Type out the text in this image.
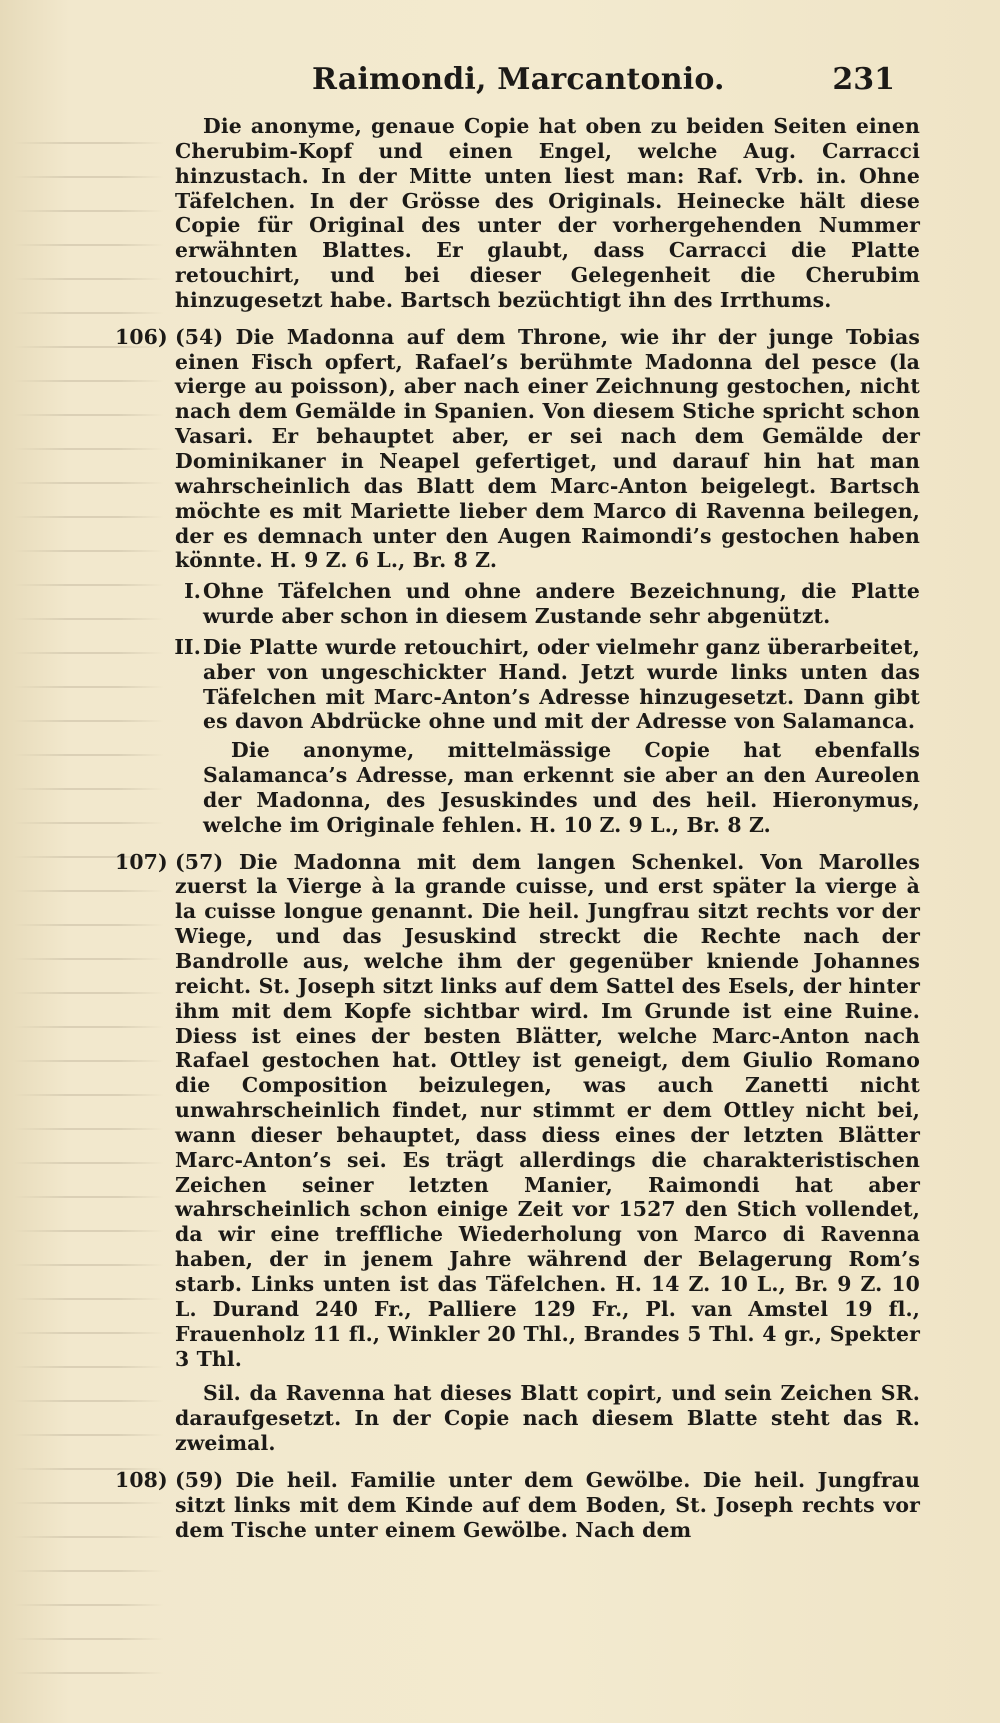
Raimondi, Marcantonio.	231

Die anonyme, genaue Copie hat oben zu beiden Seiten einen Cherubim-Kopf und einen Engel, welche Aug. Carracci hinzustach. In der Mitte unten liest man: Raf. Vrb. in. Ohne Täfelchen. In der Grösse des Originals. Heinecke hält diese Copie für Original des unter der vorhergehenden Nummer erwähnten Blattes. Er glaubt, dass Carracci die Platte retouchirt, und bei dieser Gelegenheit die Cherubim hinzugesetzt habe. Bartsch bezüchtigt ihn des Irrthums.

106) (54) Die Madonna auf dem Throne, wie ihr der junge Tobias einen Fisch opfert, Rafael’s berühmte Madonna del pesce (la vierge au poisson), aber nach einer Zeichnung gestochen, nicht nach dem Gemälde in Spanien. Von diesem Stiche spricht schon Vasari. Er behauptet aber, er sei nach dem Gemälde der Dominikaner in Neapel gefertiget, und darauf hin hat man wahrscheinlich das Blatt dem Marc-Anton beigelegt. Bartsch möchte es mit Mariette lieber dem Marco di Ravenna beilegen, der es demnach unter den Augen Raimondi’s gestochen haben könnte. H. 9 Z. 6 L., Br. 8 Z.

I. Ohne Täfelchen und ohne andere Bezeichnung, die Platte wurde aber schon in diesem Zustande sehr abgenützt.

II. Die Platte wurde retouchirt, oder vielmehr ganz überarbeitet, aber von ungeschickter Hand. Jetzt wurde links unten das Täfelchen mit Marc-Anton’s Adresse hinzugesetzt. Dann gibt es davon Abdrücke ohne und mit der Adresse von Salamanca.

Die anonyme, mittelmässige Copie hat ebenfalls Salamanca’s Adresse, man erkennt sie aber an den Aureolen der Madonna, des Jesuskindes und des heil. Hieronymus, welche im Originale fehlen. H. 10 Z. 9 L., Br. 8 Z.

107) (57) Die Madonna mit dem langen Schenkel. Von Marolles zuerst la Vierge à la grande cuisse, und erst später la vierge à la cuisse longue genannt. Die heil. Jungfrau sitzt rechts vor der Wiege, und das Jesuskind streckt die Rechte nach der Bandrolle aus, welche ihm der gegenüber kniende Johannes reicht. St. Joseph sitzt links auf dem Sattel des Esels, der hinter ihm mit dem Kopfe sichtbar wird. Im Grunde ist eine Ruine. Diess ist eines der besten Blätter, welche Marc-Anton nach Rafael gestochen hat. Ottley ist geneigt, dem Giulio Romano die Composition beizulegen, was auch Zanetti nicht unwahrscheinlich findet, nur stimmt er dem Ottley nicht bei, wann dieser behauptet, dass diess eines der letzten Blätter Marc-Anton’s sei. Es trägt allerdings die charakteristischen Zeichen seiner letzten Manier, Raimondi hat aber wahrscheinlich schon einige Zeit vor 1527 den Stich vollendet, da wir eine treffliche Wiederholung von Marco di Ravenna haben, der in jenem Jahre während der Belagerung Rom’s starb. Links unten ist das Täfelchen. H. 14 Z. 10 L., Br. 9 Z. 10 L. Durand 240 Fr., Palliere 129 Fr., Pl. van Amstel 19 fl., Frauenholz 11 fl., Winkler 20 Thl., Brandes 5 Thl. 4 gr., Spekter 3 Thl.

Sil. da Ravenna hat dieses Blatt copirt, und sein Zeichen SR. daraufgesetzt. In der Copie nach diesem Blatte steht das R. zweimal.

108) (59) Die heil. Familie unter dem Gewölbe. Die heil. Jungfrau sitzt links mit dem Kinde auf dem Boden, St. Joseph rechts vor dem Tische unter einem Gewölbe. Nach dem
